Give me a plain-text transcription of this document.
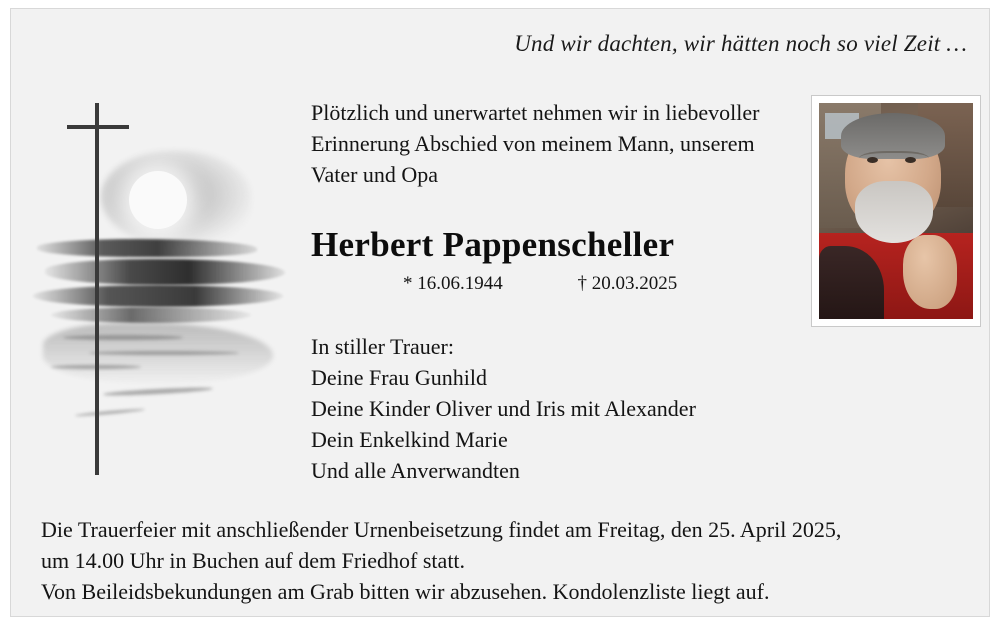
Und wir dachten, wir hätten noch so viel Zeit …
Plötzlich und unerwartet nehmen wir in liebevoller Erinnerung Abschied von meinem Mann, unserem Vater und Opa
Herbert Pappenscheller
* 16.06.1944	† 20.03.2025
In stiller Trauer:
Deine Frau Gunhild
Deine Kinder Oliver und Iris mit Alexander
Dein Enkelkind Marie
Und alle Anverwandten
Die Trauerfeier mit anschließender Urnenbeisetzung findet am Freitag, den 25. April 2025,
um 14.00 Uhr in Buchen auf dem Friedhof statt.
Von Beileidsbekundungen am Grab bitten wir abzusehen. Kondolenzliste liegt auf.
